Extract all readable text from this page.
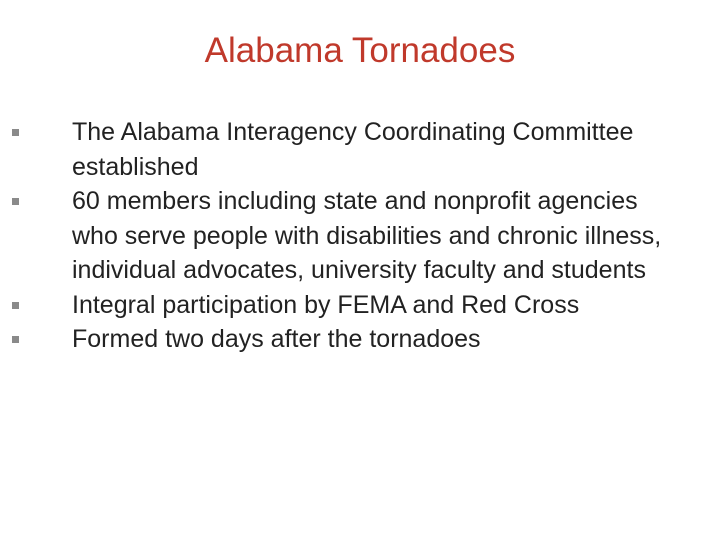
Alabama Tornadoes
The Alabama Interagency Coordinating Committee established
60 members including state and nonprofit agencies who serve people with disabilities and chronic illness, individual advocates, university faculty and students
Integral participation by FEMA and Red Cross
Formed two days after the tornadoes
